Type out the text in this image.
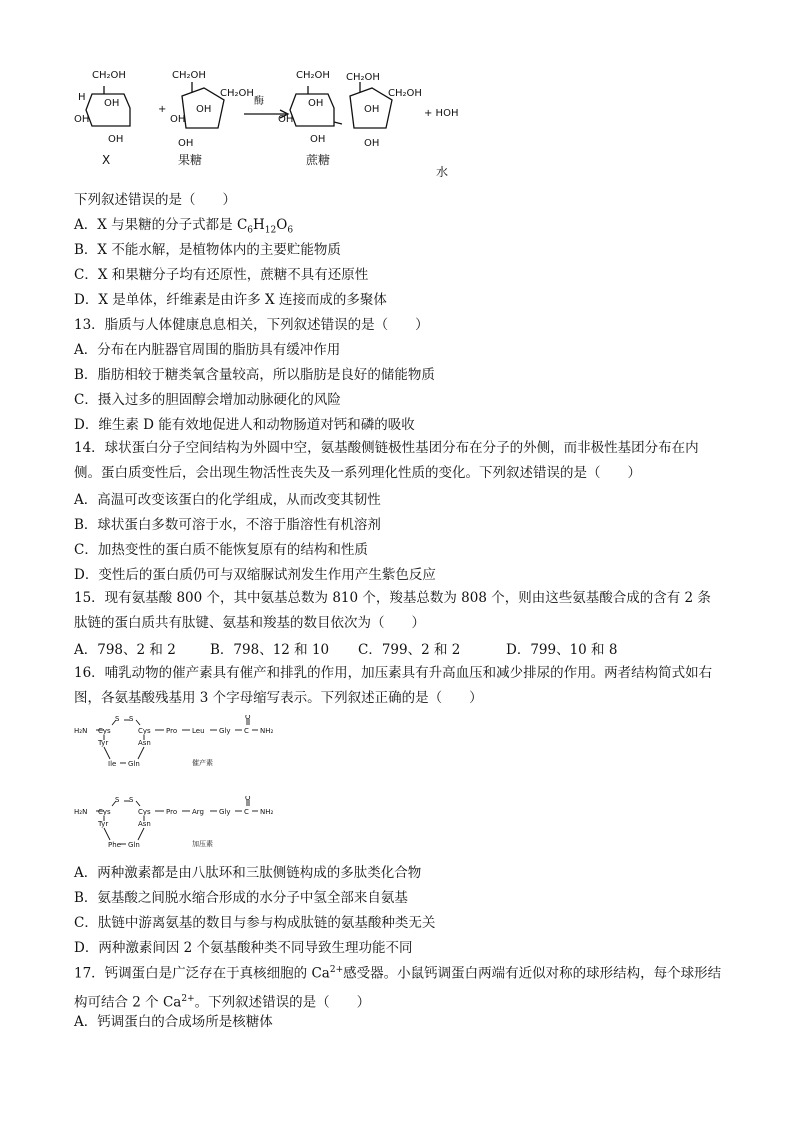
CH₂OH
OH
OH
OH
H
+
CH₂OH
CH₂OH
OH
OH
OH
酶
CH₂OH CH₂OH
CH₂OH
OH
OH
OH
OH
OH
+ HOH
X	果糖	蔗糖
水
下列叙述错误的是（　　）
A．X 与果糖的分子式都是 $C_6H_{12}O_6$
B．X 不能水解，是植物体内的主要贮能物质
C．X 和果糖分子均有还原性，蔗糖不具有还原性
D．X 是单体，纤维素是由许多 X 连接而成的多聚体
13．脂质与人体健康息息相关，下列叙述错误的是（　　）
A．分布在内脏器官周围的脂肪具有缓冲作用
B．脂肪相较于糖类氧含量较高，所以脂肪是良好的储能物质
C．摄入过多的胆固醇会增加动脉硬化的风险
D．维生素 D 能有效地促进人和动物肠道对钙和磷的吸收
14．球状蛋白分子空间结构为外圆中空，氨基酸侧链极性基团分布在分子的外侧，而非极性基团分布在内侧。蛋白质变性后，会出现生物活性丧失及一系列理化性质的变化。下列叙述错误的是（　　）
A．高温可改变该蛋白的化学组成，从而改变其韧性
B．球状蛋白多数可溶于水，不溶于脂溶性有机溶剂
C．加热变性的蛋白质不能恢复原有的结构和性质
D．变性后的蛋白质仍可与双缩脲试剂发生作用产生紫色反应
15．现有氨基酸 800 个，其中氨基总数为 810 个，羧基总数为 808 个，则由这些氨基酸合成的含有 2 条肽链的蛋白质共有肽键、氨基和羧基的数目依次为（　　）
A．798、2 和 2	B．798、12 和 10 C．799、2 和 2	D．799、10 和 8
16．哺乳动物的催产素具有催产和排乳的作用，加压素具有升高血压和减少排尿的作用。两者结构简式如右图，各氨基酸残基用 3 个字母缩写表示。下列叙述正确的是（　　）
H₂N
S S
Cys	Cys
Tyr	Asn
Ile Gln
Pro Leu Gly
O
C NH₂
催产素
H₂N
S S
Cys	Cys
Tyr	Asn
Phe Gln
Pro Arg Gly
O
C NH₂
加压素
A．两种激素都是由八肽环和三肽侧链构成的多肽类化合物
B．氨基酸之间脱水缩合形成的水分子中氢全部来自氨基
C．肽链中游离氨基的数目与参与构成肽链的氨基酸种类无关
D．两种激素间因 2 个氨基酸种类不同导致生理功能不同
17．钙调蛋白是广泛存在于真核细胞的 $Ca^{2+}$感受器。小鼠钙调蛋白两端有近似对称的球形结构，每个球形结构可结合 2 个 $Ca^{2+}$。下列叙述错误的是（　　）
A．钙调蛋白的合成场所是核糖体
